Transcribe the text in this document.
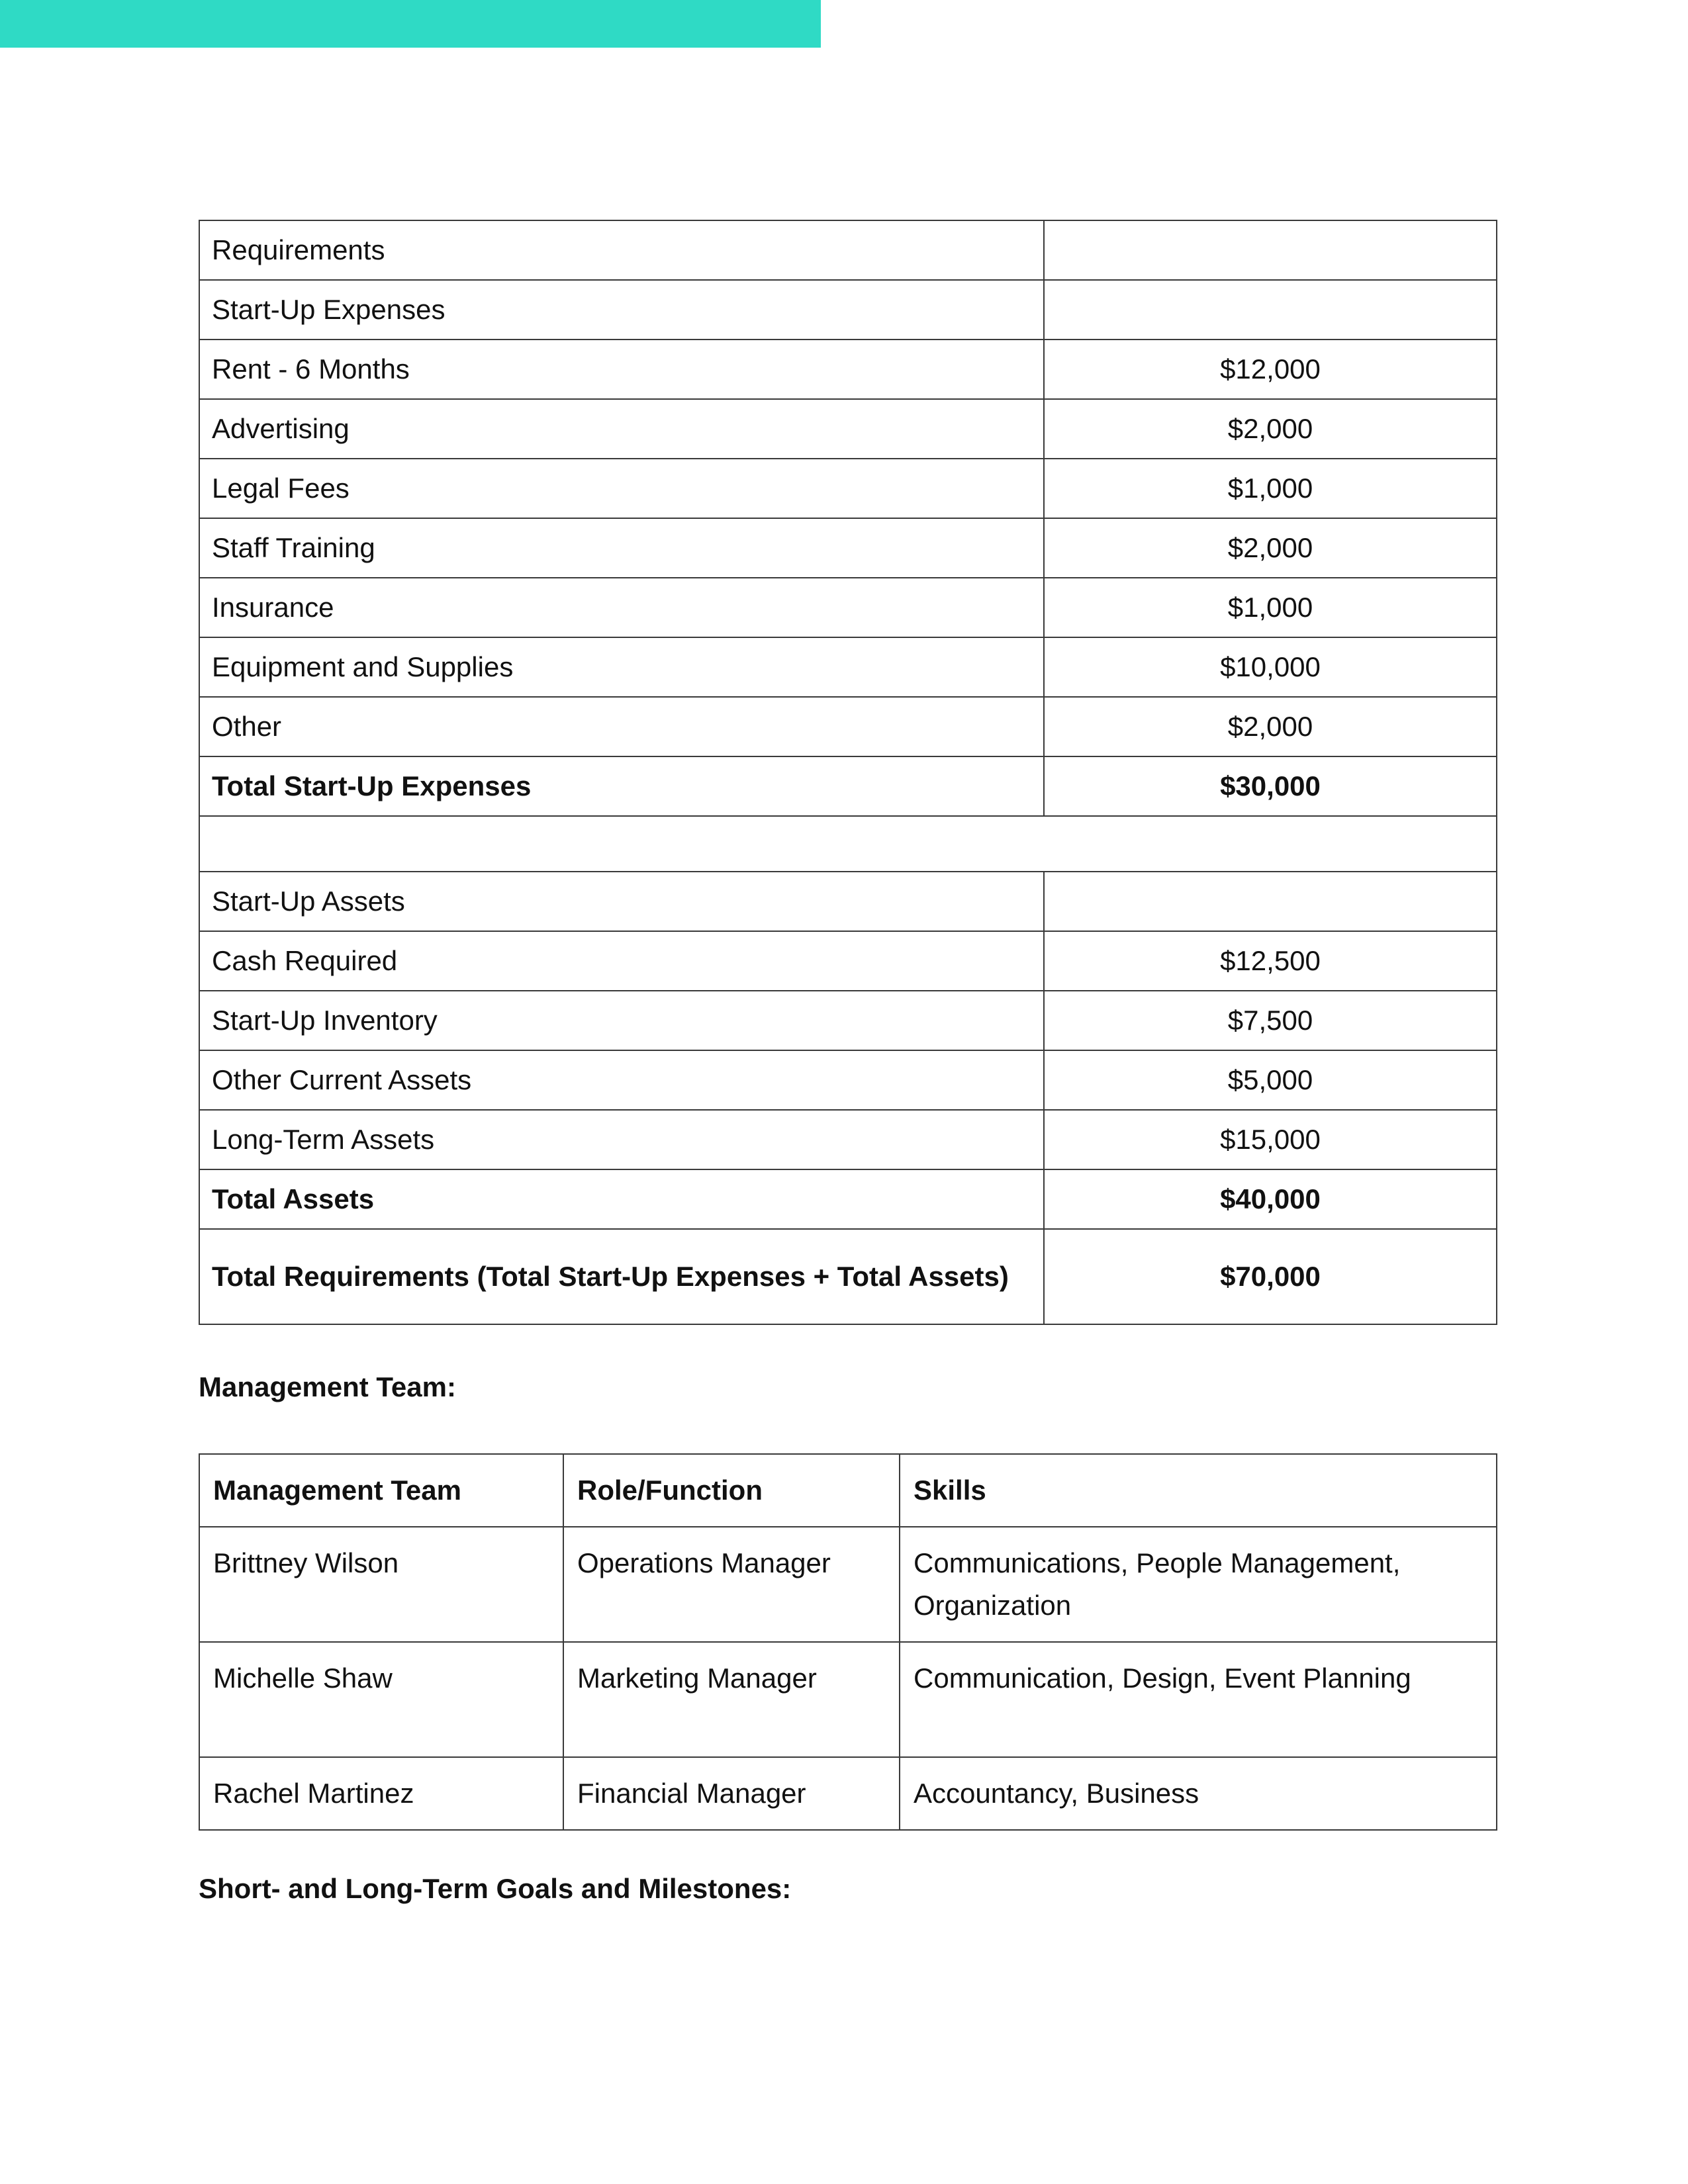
Requirements	
Start-Up Expenses	
Rent - 6 Months	$12,000
Advertising	$2,000
Legal Fees	$1,000
Staff Training	$2,000
Insurance	$1,000
Equipment and Supplies	$10,000
Other	$2,000
Total Start-Up Expenses	$30,000

Start-Up Assets	
Cash Required	$12,500
Start-Up Inventory	$7,500
Other Current Assets	$5,000
Long-Term Assets	$15,000
Total Assets	$40,000
Total Requirements (Total Start-Up Expenses + Total Assets)	$70,000
Management Team:
Management Team	Role/Function	Skills
Brittney Wilson	Operations Manager	Communications, People Management, Organization
Michelle Shaw	Marketing Manager	Communication, Design, Event Planning
Rachel Martinez	Financial Manager	Accountancy, Business
Short- and Long-Term Goals and Milestones:
